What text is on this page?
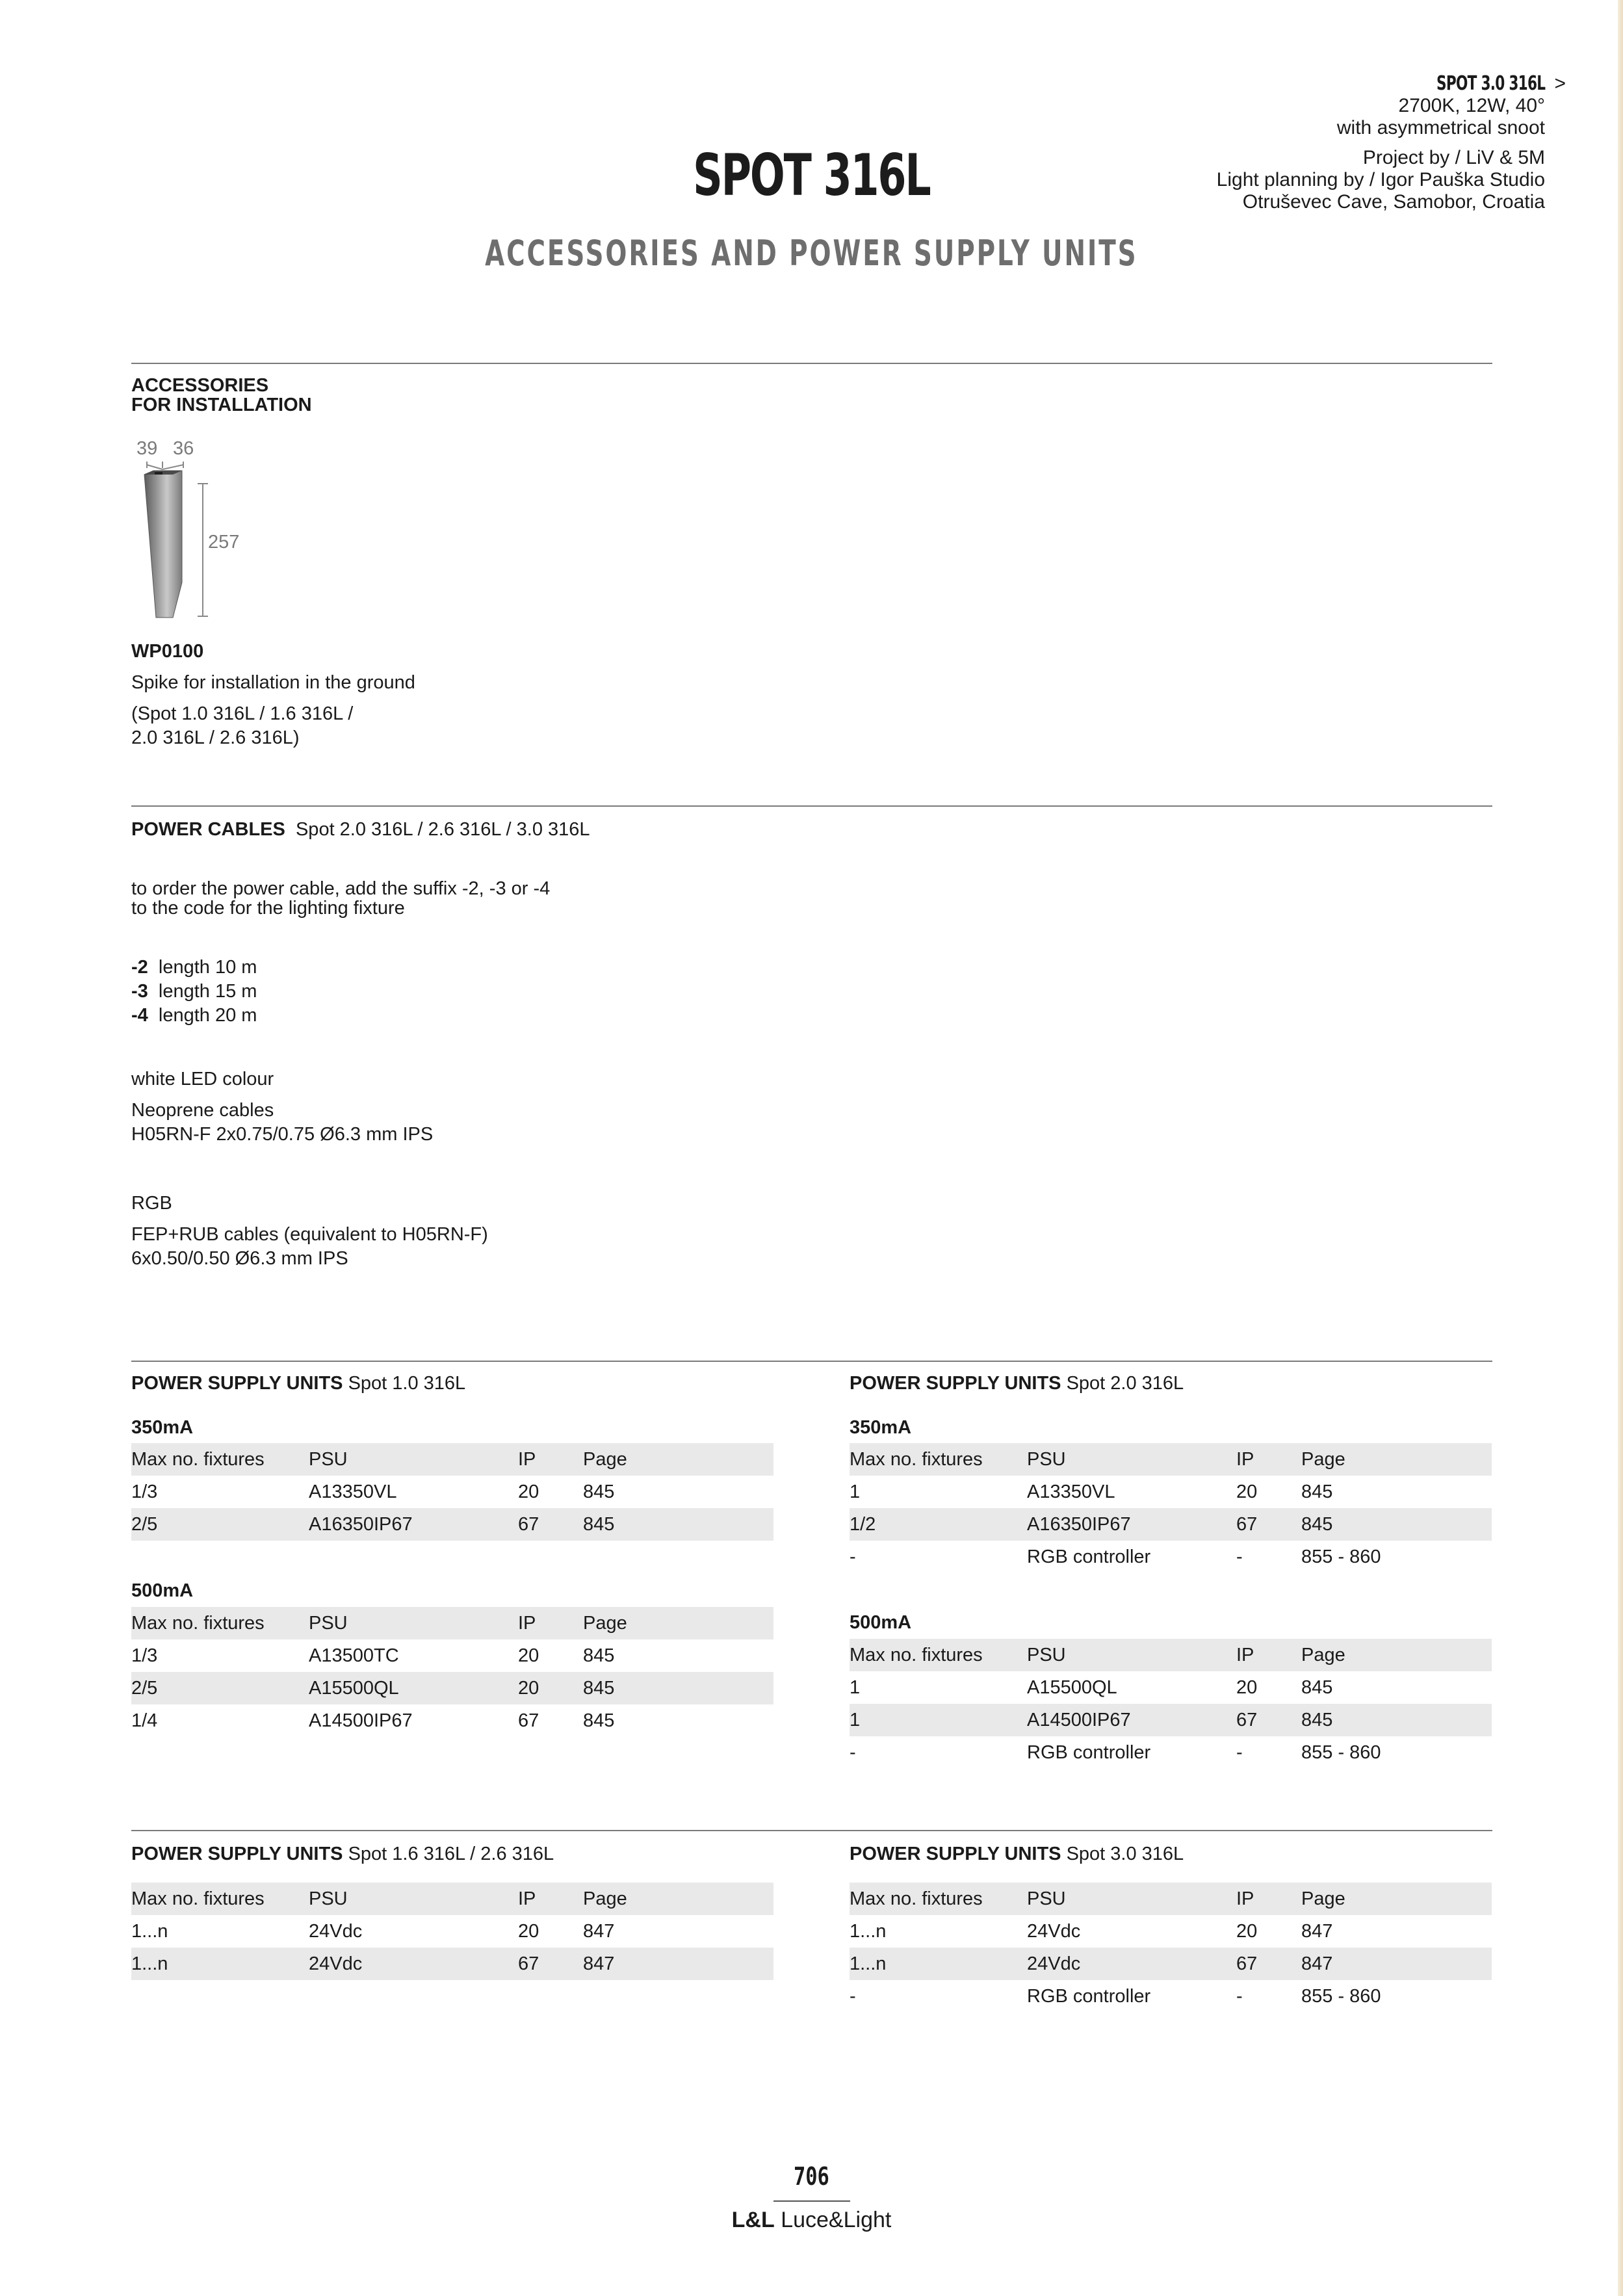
SPOT 316L
ACCESSORIES AND POWER SUPPLY UNITS
SPOT 3.0 316L
2700K, 12W, 40°
with asymmetrical snoot
Project by / LiV & 5M
Light planning by / Igor Pauška Studio
Otruševec Cave, Samobor, Croatia
>
ACCESSORIES
FOR INSTALLATION
39 36
257
WP0100
Spike for installation in the ground
(Spot 1.0 316L / 1.6 316L /
2.0 316L / 2.6 316L)
POWER CABLES Spot 2.0 316L / 2.6 316L / 3.0 316L
to order the power cable, add the suffix -2, -3 or -4
to the code for the lighting fixture
-2 length 10 m
-3 length 15 m
-4 length 20 m
white LED colour
Neoprene cables
H05RN-F 2x0.75/0.75 Ø6.3 mm IPS
RGB
FEP+RUB cables (equivalent to H05RN-F)
6x0.50/0.50 Ø6.3 mm IPS
POWER SUPPLY UNITS Spot 1.0 316L
350mA
Max no. fixtures	PSU	IP	Page
1/3	A13350VL	20	845
2/5	A16350IP67	67	845
500mA
Max no. fixtures	PSU	IP	Page
1/3	A13500TC	20	845
2/5	A15500QL	20	845
1/4	A14500IP67	67	845
POWER SUPPLY UNITS Spot 2.0 316L
350mA
Max no. fixtures	PSU	IP	Page
1	A13350VL	20	845
1/2	A16350IP67	67	845
-	RGB controller	-	855 - 860
500mA
Max no. fixtures	PSU	IP	Page
1	A15500QL	20	845
1	A14500IP67	67	845
-	RGB controller	-	855 - 860
POWER SUPPLY UNITS Spot 1.6 316L / 2.6 316L
Max no. fixtures	PSU	IP	Page
1...n	24Vdc	20	847
1...n	24Vdc	67	847
POWER SUPPLY UNITS Spot 3.0 316L
Max no. fixtures	PSU	IP	Page
1...n	24Vdc	20	847
1...n	24Vdc	67	847
-	RGB controller	-	855 - 860
706
L&L Luce&Light
